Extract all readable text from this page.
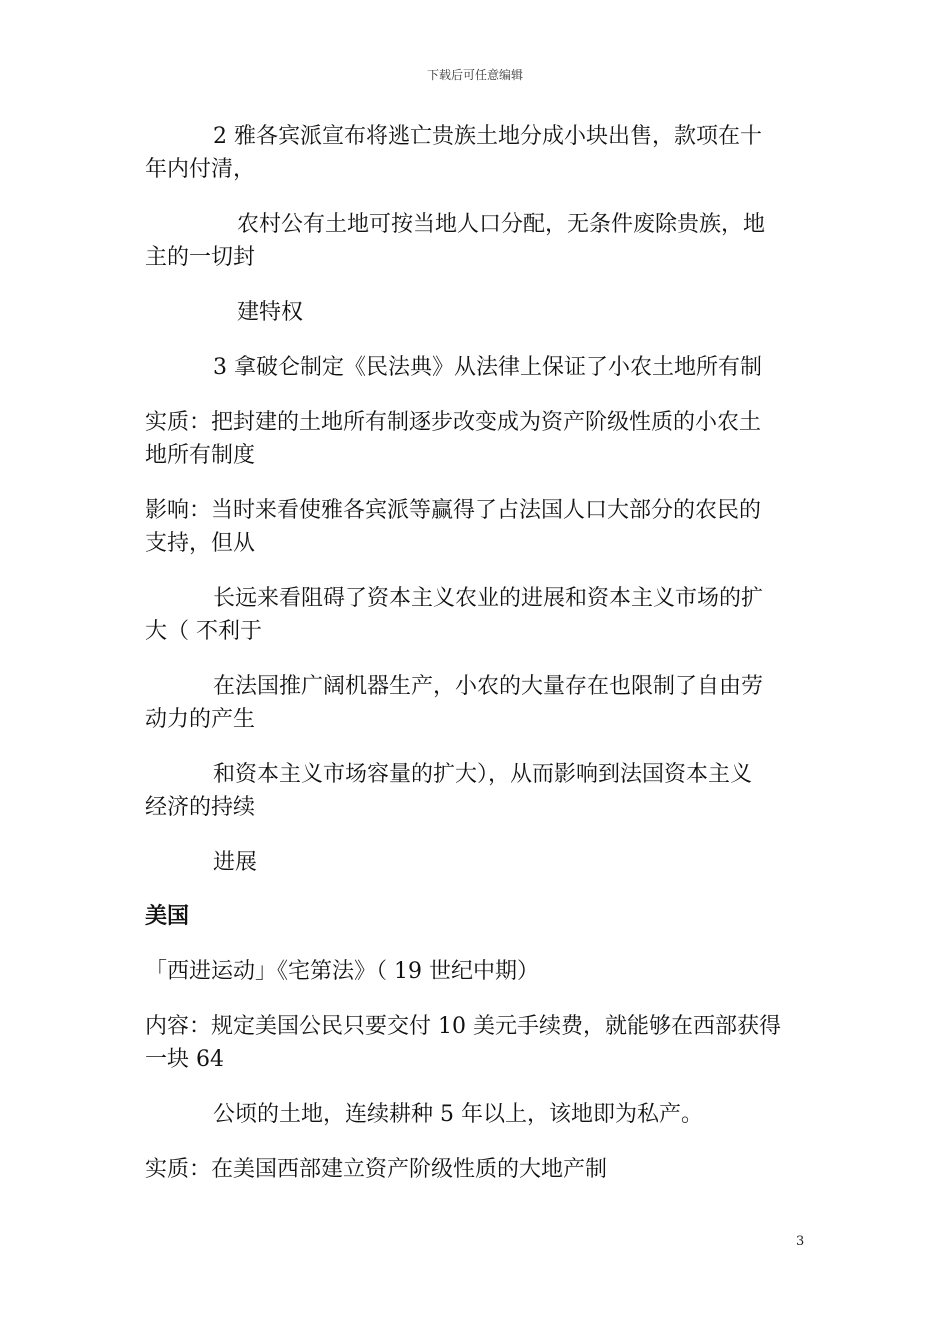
下载后可任意编辑
2 雅各宾派宣布将逃亡贵族土地分成小块出售，款项在十
年内付清，
农村公有土地可按当地人口分配，无条件废除贵族，地
主的一切封
建特权
3 拿破仑制定《民法典》从法律上保证了小农土地所有制
实质：把封建的土地所有制逐步改变成为资产阶级性质的小农土
地所有制度
影响：当时来看使雅各宾派等赢得了占法国人口大部分的农民的
支持，但从
长远来看阻碍了资本主义农业的进展和资本主义市场的扩
大（ 不利于
在法国推广阔机器生产，小农的大量存在也限制了自由劳
动力的产生
和资本主义市场容量的扩大），从而影响到法国资本主义
经济的持续
进展
美国
「西进运动」《宅第法》（ 19 世纪中期）
内容：规定美国公民只要交付 10 美元手续费，就能够在西部获得
一块 64
公顷的土地，连续耕种 5 年以上，该地即为私产。
实质：在美国西部建立资产阶级性质的大地产制
3
